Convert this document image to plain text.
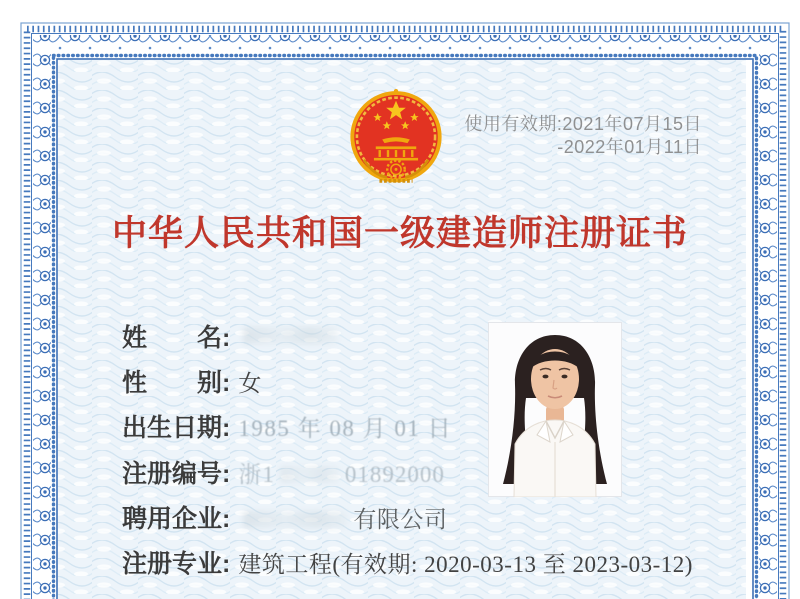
使用有效期:2021年07月15日
-2022年01月11日
中华人民共和国一级建造师注册证书
姓　　名:
性　　别: 女
出生日期: 1985 年 08 月 01 日
注册编号: 浙1	01892000
聘用企业:	有限公司
注册专业: 建筑工程(有效期: 2020-03-13 至 2023-03-12)
